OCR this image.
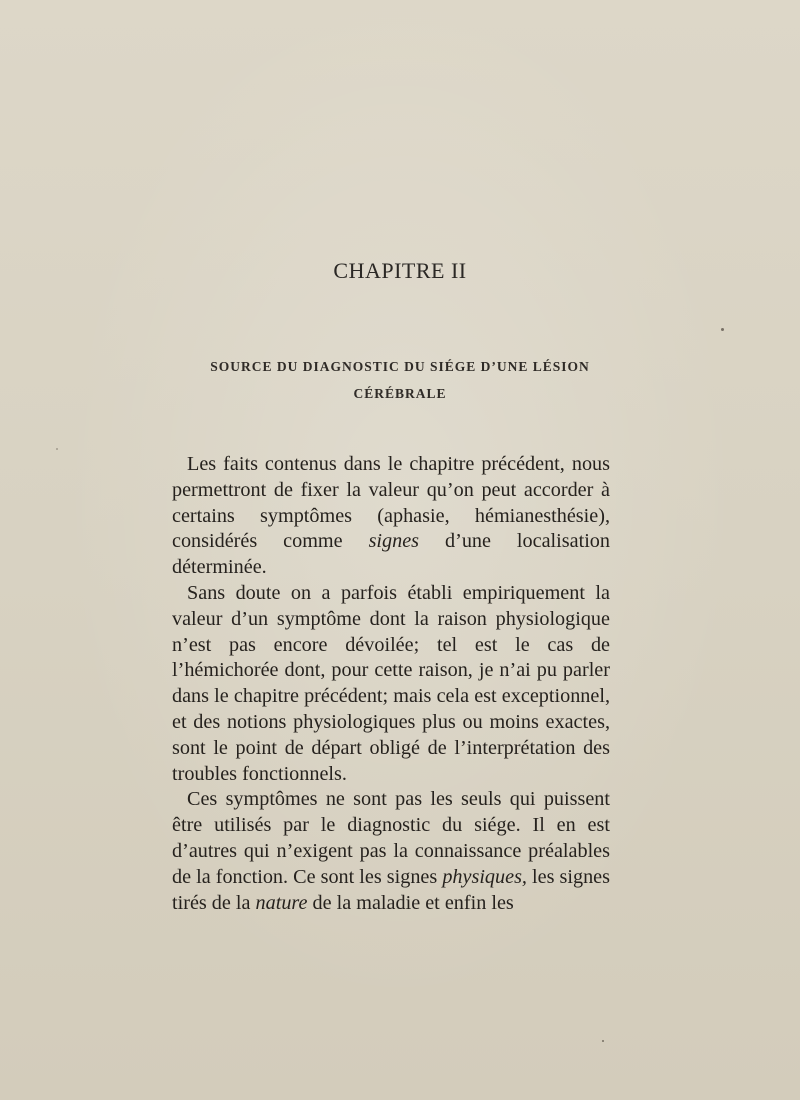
CHAPITRE II
SOURCE DU DIAGNOSTIC DU SIÉGE D’UNE LÉSION
CÉRÉBRALE

Les faits contenus dans le chapitre précédent, nous permettront de fixer la valeur qu’on peut accorder à certains symptômes (aphasie, hémianesthésie), considérés comme signes d’une localisation déterminée.

Sans doute on a parfois établi empiriquement la valeur d’un symptôme dont la raison physiologique n’est pas encore dévoilée; tel est le cas de l’hémichorée dont, pour cette raison, je n’ai pu parler dans le chapitre précédent; mais cela est exceptionnel, et des notions physiologiques plus ou moins exactes, sont le point de départ obligé de l’interprétation des troubles fonctionnels.

Ces symptômes ne sont pas les seuls qui puissent être utilisés par le diagnostic du siége. Il en est d’autres qui n’exigent pas la connaissance préalables de la fonction. Ce sont les signes physiques, les signes tirés de la nature de la maladie et enfin les
